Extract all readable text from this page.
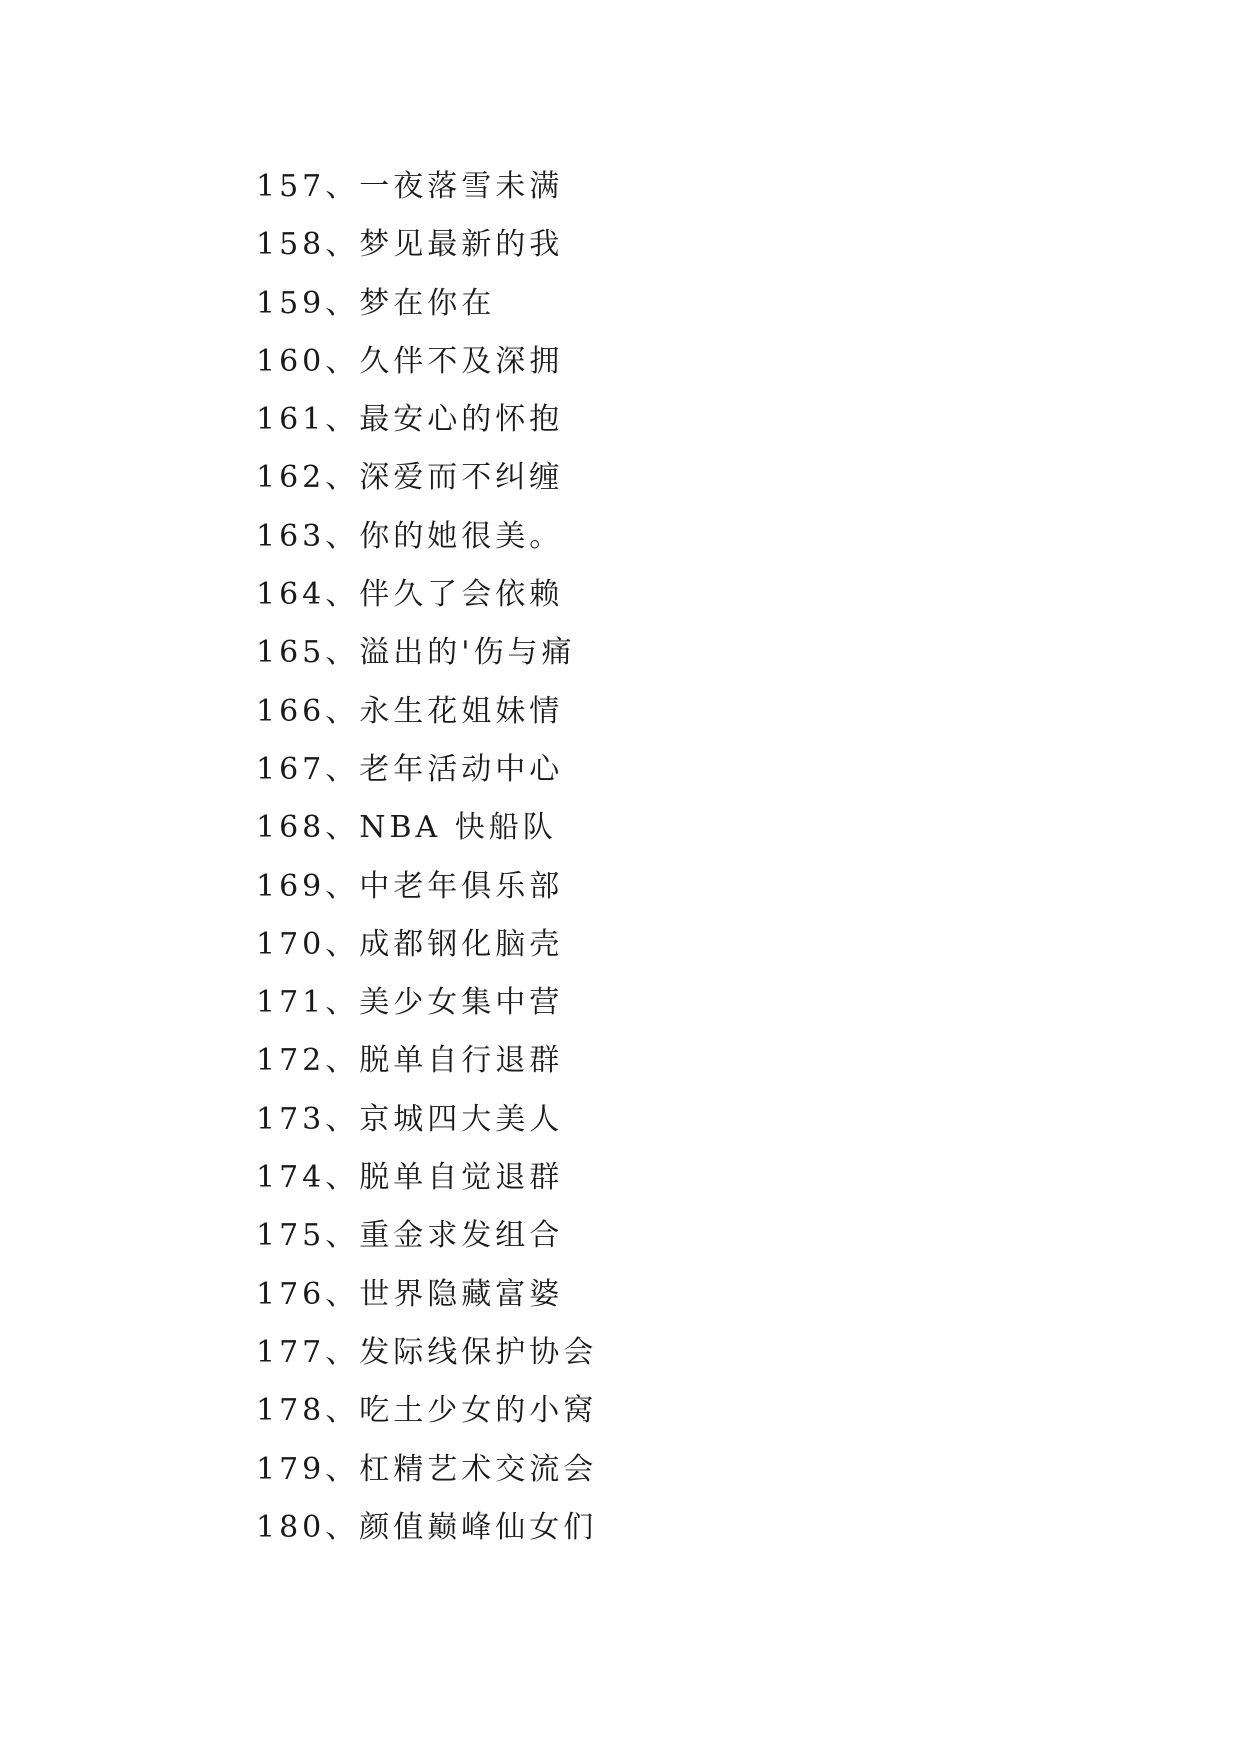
157、一夜落雪未满
158、梦见最新的我
159、梦在你在
160、久伴不及深拥
161、最安心的怀抱
162、深爱而不纠缠
163、你的她很美。
164、伴久了会依赖
165、溢出的'伤与痛
166、永生花姐妹情
167、老年活动中心
168、NBA 快船队
169、中老年俱乐部
170、成都钢化脑壳
171、美少女集中营
172、脱单自行退群
173、京城四大美人
174、脱单自觉退群
175、重金求发组合
176、世界隐藏富婆
177、发际线保护协会
178、吃土少女的小窝
179、杠精艺术交流会
180、颜值巅峰仙女们
